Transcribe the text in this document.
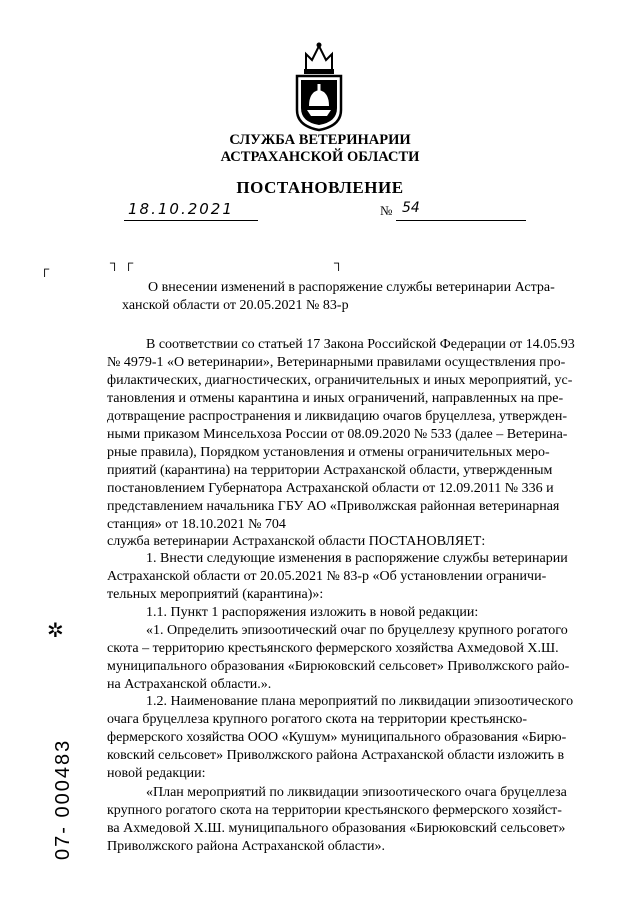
СЛУЖБА ВЕТЕРИНАРИИ
АСТРАХАНСКОЙ ОБЛАСТИ
ПОСТАНОВЛЕНИЕ
18.10.2021	№ 54
┌	┐ ┌	┐
О внесении изменений в распоряжение службы ветеринарии Астра-
ханской области от 20.05.2021 № 83-р
В соответствии со статьей 17 Закона Российской Федерации от 14.05.93
№ 4979-1 «О ветеринарии», Ветеринарными правилами осуществления про-
филактических, диагностических, ограничительных и иных мероприятий, ус-
тановления и отмены карантина и иных ограничений, направленных на пре-
дотвращение распространения и ликвидацию очагов бруцеллеза, утвержден-
ными приказом Минсельхоза России от 08.09.2020 № 533 (далее – Ветерина-
рные правила), Порядком установления и отмены ограничительных меро-
приятий (карантина) на территории Астраханской области, утвержденным
постановлением Губернатора Астраханской области от 12.09.2011 № 336 и
представлением начальника ГБУ АО «Приволжская районная ветеринарная
станция» от 18.10.2021 № 704
служба ветеринарии Астраханской области ПОСТАНОВЛЯЕТ:
1. Внести следующие изменения в распоряжение службы ветеринарии
Астраханской области от 20.05.2021 № 83-р «Об установлении ограничи-
тельных мероприятий (карантина)»:
1.1. Пункт 1 распоряжения изложить в новой редакции:
«1. Определить эпизоотический очаг по бруцеллезу крупного рогатого
скота – территорию крестьянского фермерского хозяйства Ахмедовой Х.Ш.
муниципального образования «Бирюковский сельсовет» Приволжского райо-
на Астраханской области.».
1.2. Наименование плана мероприятий по ликвидации эпизоотического
очага бруцеллеза крупного рогатого скота на территории крестьянско-
фермерского хозяйства ООО «Кушум» муниципального образования «Бирю-
ковский сельсовет» Приволжского района Астраханской области изложить в
новой редакции:
«План мероприятий по ликвидации эпизоотического очага бруцеллеза
крупного рогатого скота на территории крестьянского фермерского хозяйст-
ва Ахмедовой Х.Ш. муниципального образования «Бирюковский сельсовет»
Приволжского района Астраханской области».
✲
07- 000483
